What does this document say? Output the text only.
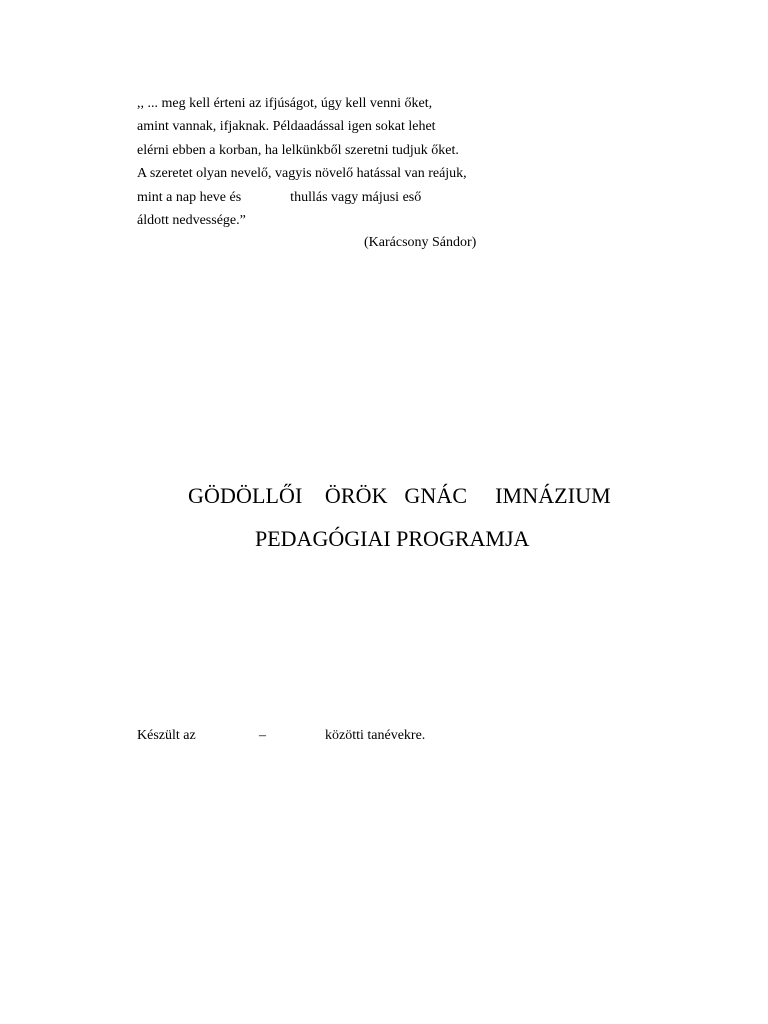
,, ... meg kell érteni az ifjúságot, úgy kell venni őket,
amint vannak, ifjaknak. Példaadással igen sokat lehet
elérni ebben a korban, ha lelkünkből szeretni tudjuk őket.
A szeretet olyan nevelő, vagyis növelő hatással van reájuk,
mint a nap heve és              thullás vagy májusi eső
áldott nedvessége.”
(Karácsony Sándor)
GÖDÖLLŐI    ÖRÖK   GNÁC     IMNÁZIUM
PEDAGÓGIAI PROGRAMJA
Készült az	–	közötti tanévekre.
